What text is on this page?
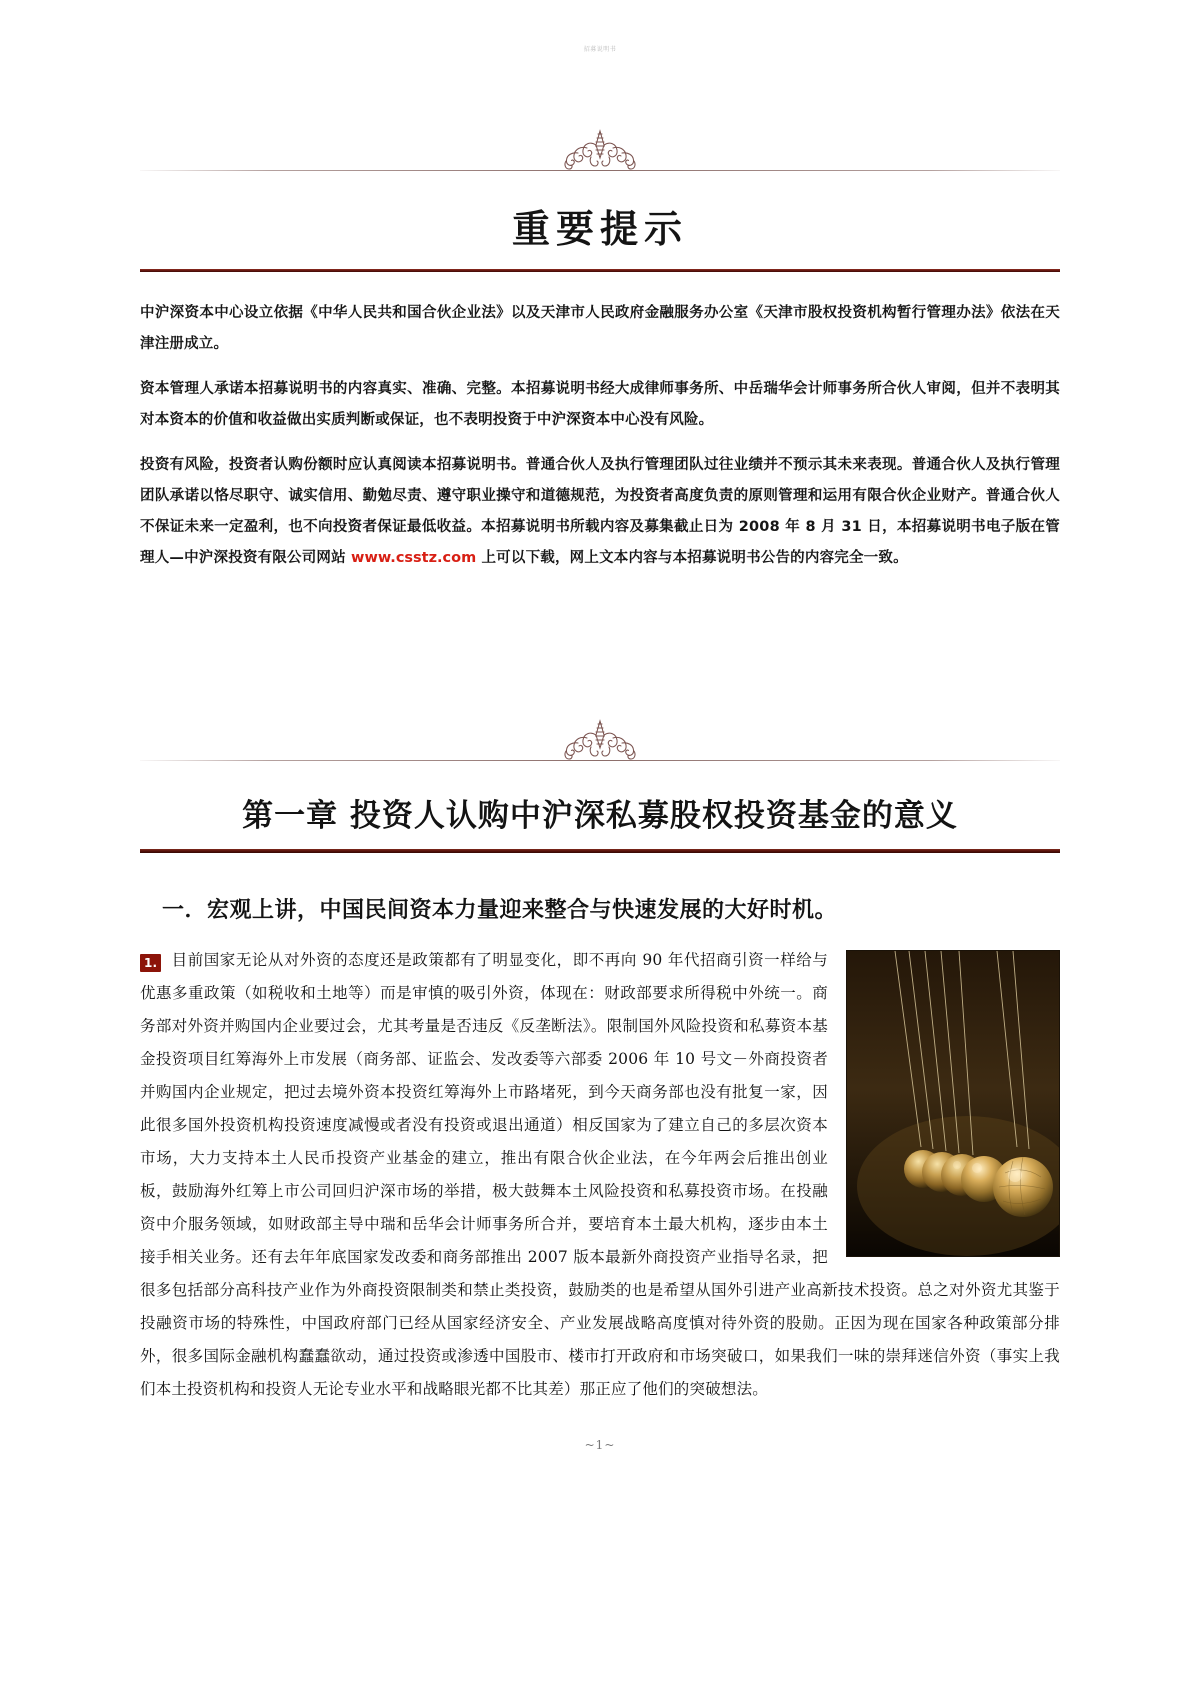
招募说明书
重要提示

中沪深资本中心设立依据《中华人民共和国合伙企业法》以及天津市人民政府金融服务办公室《天津市股权投资机构暂行管理办法》依法在天津注册成立。

资本管理人承诺本招募说明书的内容真实、准确、完整。本招募说明书经大成律师事务所、中岳瑞华会计师事务所合伙人审阅，但并不表明其对本资本的价值和收益做出实质判断或保证，也不表明投资于中沪深资本中心没有风险。

投资有风险，投资者认购份额时应认真阅读本招募说明书。普通合伙人及执行管理团队过往业绩并不预示其未来表现。普通合伙人及执行管理团队承诺以恪尽职守、诚实信用、勤勉尽责、遵守职业操守和道德规范，为投资者高度负责的原则管理和运用有限合伙企业财产。普通合伙人不保证未来一定盈利，也不向投资者保证最低收益。本招募说明书所载内容及募集截止日为 2008 年 8 月 31 日，本招募说明书电子版在管理人—中沪深投资有限公司网站 www.csstz.com 上可以下载，网上文本内容与本招募说明书公告的内容完全一致。

第一章 投资人认购中沪深私募股权投资基金的意义
一．宏观上讲，中国民间资本力量迎来整合与快速发展的大好时机。
1. 目前国家无论从对外资的态度还是政策都有了明显变化，即不再向 90 年代招商引资一样给与优惠多重政策（如税收和土地等）而是审慎的吸引外资，体现在：财政部要求所得税中外统一。商务部对外资并购国内企业要过会，尤其考量是否违反《反垄断法》。限制国外风险投资和私募资本基金投资项目红筹海外上市发展（商务部、证监会、发改委等六部委 2006 年 10 号文－外商投资者并购国内企业规定，把过去境外资本投资红筹海外上市路堵死，到今天商务部也没有批复一家，因此很多国外投资机构投资速度减慢或者没有投资或退出通道）相反国家为了建立自己的多层次资本市场，大力支持本土人民币投资产业基金的建立，推出有限合伙企业法，在今年两会后推出创业板，鼓励海外红筹上市公司回归沪深市场的举措，极大鼓舞本土风险投资和私募投资市场。在投融资中介服务领域，如财政部主导中瑞和岳华会计师事务所合并，要培育本土最大机构，逐步由本土接手相关业务。还有去年年底国家发改委和商务部推出 2007 版本最新外商投资产业指导名录，把很多包括部分高科技产业作为外商投资限制类和禁止类投资，鼓励类的也是希望从国外引进产业高新技术投资。总之对外资尤其鉴于投融资市场的特殊性，中国政府部门已经从国家经济安全、产业发展战略高度慎对待外资的股勋。正因为现在国家各种政策部分排外，很多国际金融机构蠢蠢欲动，通过投资或渗透中国股市、楼市打开政府和市场突破口，如果我们一味的崇拜迷信外资（事实上我们本土投资机构和投资人无论专业水平和战略眼光都不比其差）那正应了他们的突破想法。
~1~
